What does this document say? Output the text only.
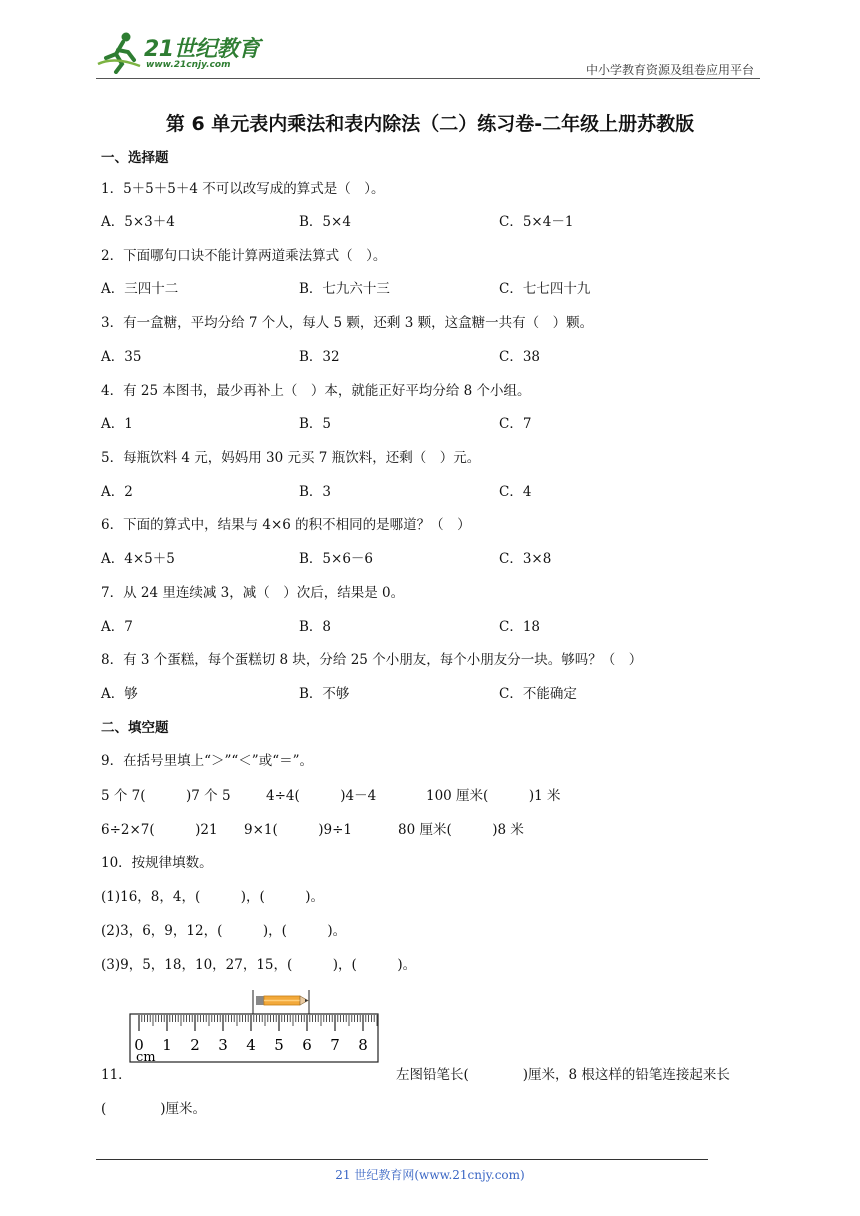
21世纪教育
www.21cnjy.com	中小学教育资源及组卷应用平台
第 6 单元表内乘法和表内除法（二）练习卷-二年级上册苏教版
一、选择题
1．5＋5＋5＋4 不可以改写成的算式是（　）。
A．5×3＋4	B．5×4	C．5×4－1
2．下面哪句口诀不能计算两道乘法算式（　）。
A．三四十二	B．七九六十三	C．七七四十九
3．有一盒糖，平均分给 7 个人，每人 5 颗，还剩 3 颗，这盒糖一共有（　）颗。
A．35	B．32	C．38
4．有 25 本图书，最少再补上（　）本，就能正好平均分给 8 个小组。
A．1	B．5	C．7
5．每瓶饮料 4 元，妈妈用 30 元买 7 瓶饮料，还剩（　）元。
A．2	B．3	C．4
6．下面的算式中，结果与 4×6 的积不相同的是哪道？（　）
A．4×5＋5	B．5×6－6	C．3×8
7．从 24 里连续减 3，减（　）次后，结果是 0。
A．7	B．8	C．18
8．有 3 个蛋糕，每个蛋糕切 8 块，分给 25 个小朋友，每个小朋友分一块。够吗？（　）
A．够	B．不够	C．不能确定
二、填空题
9．在括号里填上“＞”“＜”或“＝”。
5 个 7(　　　)7 个 5	4÷4(　　　)4－4	100 厘米(　　　)1 米
6÷2×7(　　　)21 9×1(　　　)9÷1	80 厘米(　　　)8 米
10．按规律填数。
(1)16，8，4，(　　　)，(　　　)。
(2)3，6，9，12，(　　　)，(　　　)。
(3)9，5，18，10，27，15，(　　　)，(　　　)。
0 1 2 3 4 5 6 7 8
cm
11．	左图铅笔长(　　　　)厘米，8 根这样的铅笔连接起来长
(　　　　)厘米。
21 世纪教育网(www.21cnjy.com)
